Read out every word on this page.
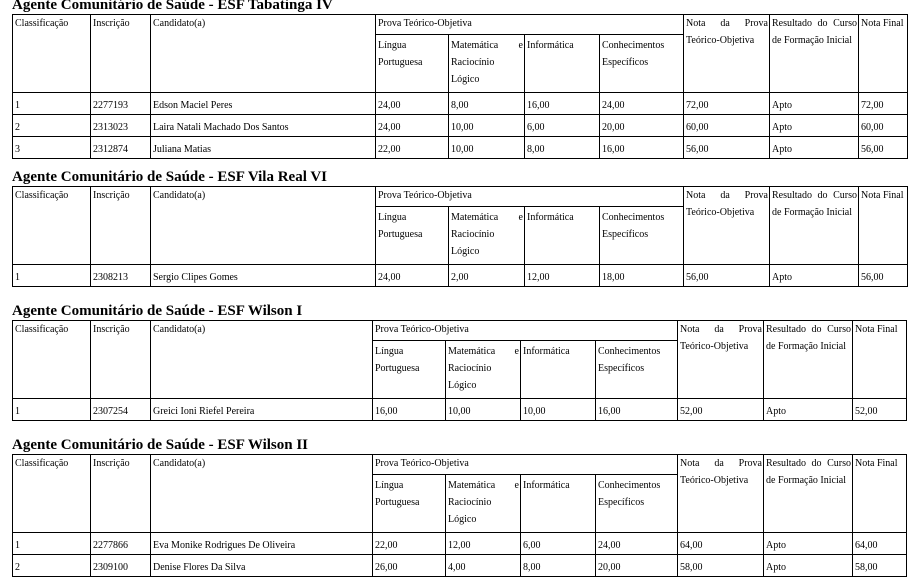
Agente Comunitário de Saúde - ESF Tabatinga IV
Classificação	Inscrição	Candidato(a)	Prova Teórico-Objetiva				Nota da Prova Teórico-Objetiva	Resultado do Curso de Formação Inicial	Nota Final
			Língua Portuguesa	Matemática e Raciocínio Lógico	Informática	Conhecimentos Específicos			
1	2277193	Edson Maciel Peres	24,00	8,00	16,00	24,00	72,00	Apto	72,00
2	2313023	Laira Natali Machado Dos Santos	24,00	10,00	6,00	20,00	60,00	Apto	60,00
3	2312874	Juliana Matias	22,00	10,00	8,00	16,00	56,00	Apto	56,00
Agente Comunitário de Saúde - ESF Vila Real VI
Classificação	Inscrição	Candidato(a)	Prova Teórico-Objetiva				Nota da Prova Teórico-Objetiva	Resultado do Curso de Formação Inicial	Nota Final
			Língua Portuguesa	Matemática e Raciocínio Lógico	Informática	Conhecimentos Específicos			
1	2308213	Sergio Clipes Gomes	24,00	2,00	12,00	18,00	56,00	Apto	56,00
Agente Comunitário de Saúde - ESF Wilson I
Classificação	Inscrição	Candidato(a)	Prova Teórico-Objetiva				Nota da Prova Teórico-Objetiva	Resultado do Curso de Formação Inicial	Nota Final
			Língua Portuguesa	Matemática e Raciocínio Lógico	Informática	Conhecimentos Específicos			
1	2307254	Greici Ioni Riefel Pereira	16,00	10,00	10,00	16,00	52,00	Apto	52,00
Agente Comunitário de Saúde - ESF Wilson II
Classificação	Inscrição	Candidato(a)	Prova Teórico-Objetiva				Nota da Prova Teórico-Objetiva	Resultado do Curso de Formação Inicial	Nota Final
			Língua Portuguesa	Matemática e Raciocínio Lógico	Informática	Conhecimentos Específicos			
1	2277866	Eva Monike Rodrigues De Oliveira	22,00	12,00	6,00	24,00	64,00	Apto	64,00
2	2309100	Denise Flores Da Silva	26,00	4,00	8,00	20,00	58,00	Apto	58,00
